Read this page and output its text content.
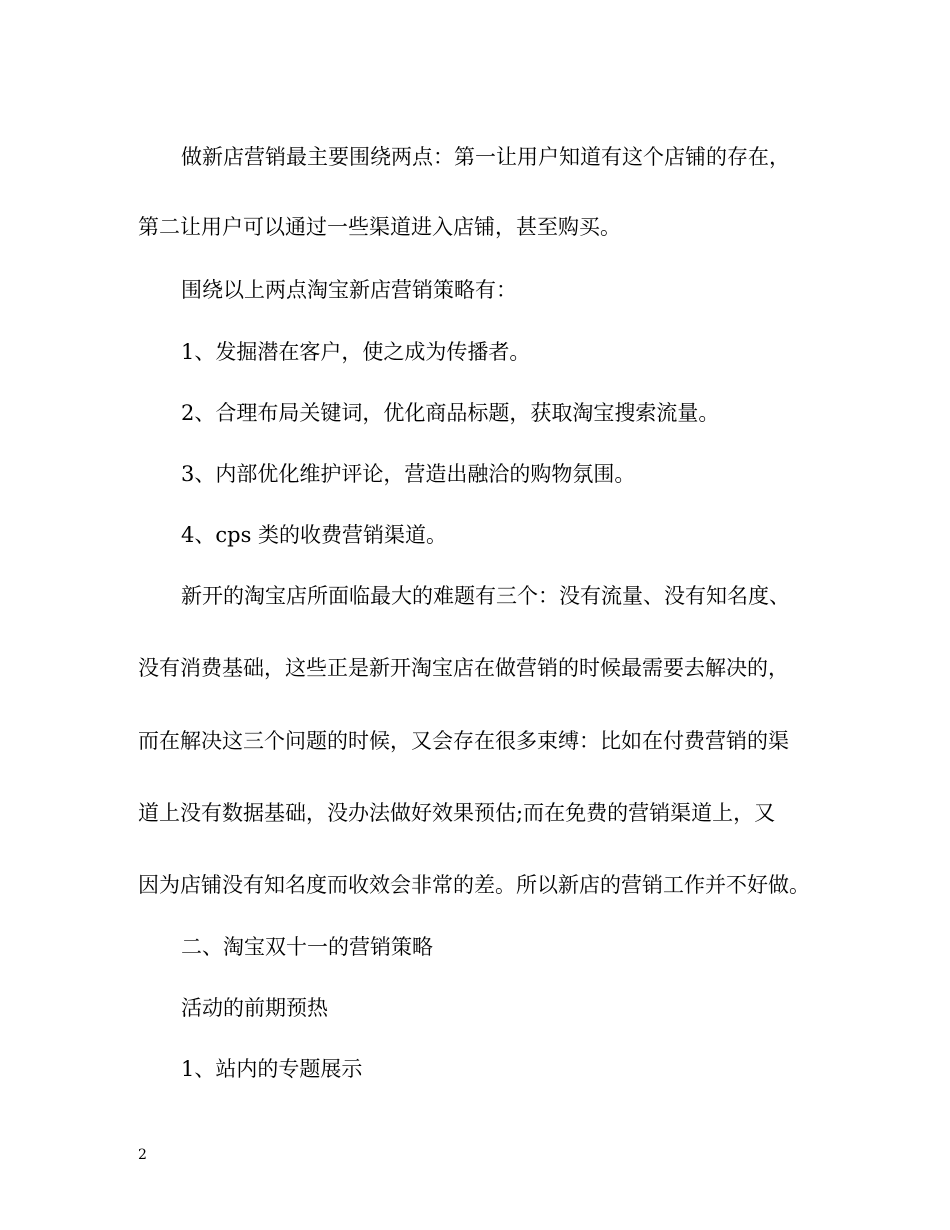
做新店营销最主要围绕两点：第一让用户知道有这个店铺的存在，
第二让用户可以通过一些渠道进入店铺，甚至购买。
围绕以上两点淘宝新店营销策略有：
1、发掘潜在客户，使之成为传播者。
2、合理布局关键词，优化商品标题，获取淘宝搜索流量。
3、内部优化维护评论，营造出融洽的购物氛围。
4、cps 类的收费营销渠道。
新开的淘宝店所面临最大的难题有三个：没有流量、没有知名度、
没有消费基础，这些正是新开淘宝店在做营销的时候最需要去解决的，
而在解决这三个问题的时候，又会存在很多束缚：比如在付费营销的渠
道上没有数据基础，没办法做好效果预估;而在免费的营销渠道上，又
因为店铺没有知名度而收效会非常的差。所以新店的营销工作并不好做。
二、淘宝双十一的营销策略
活动的前期预热
1、站内的专题展示
2
